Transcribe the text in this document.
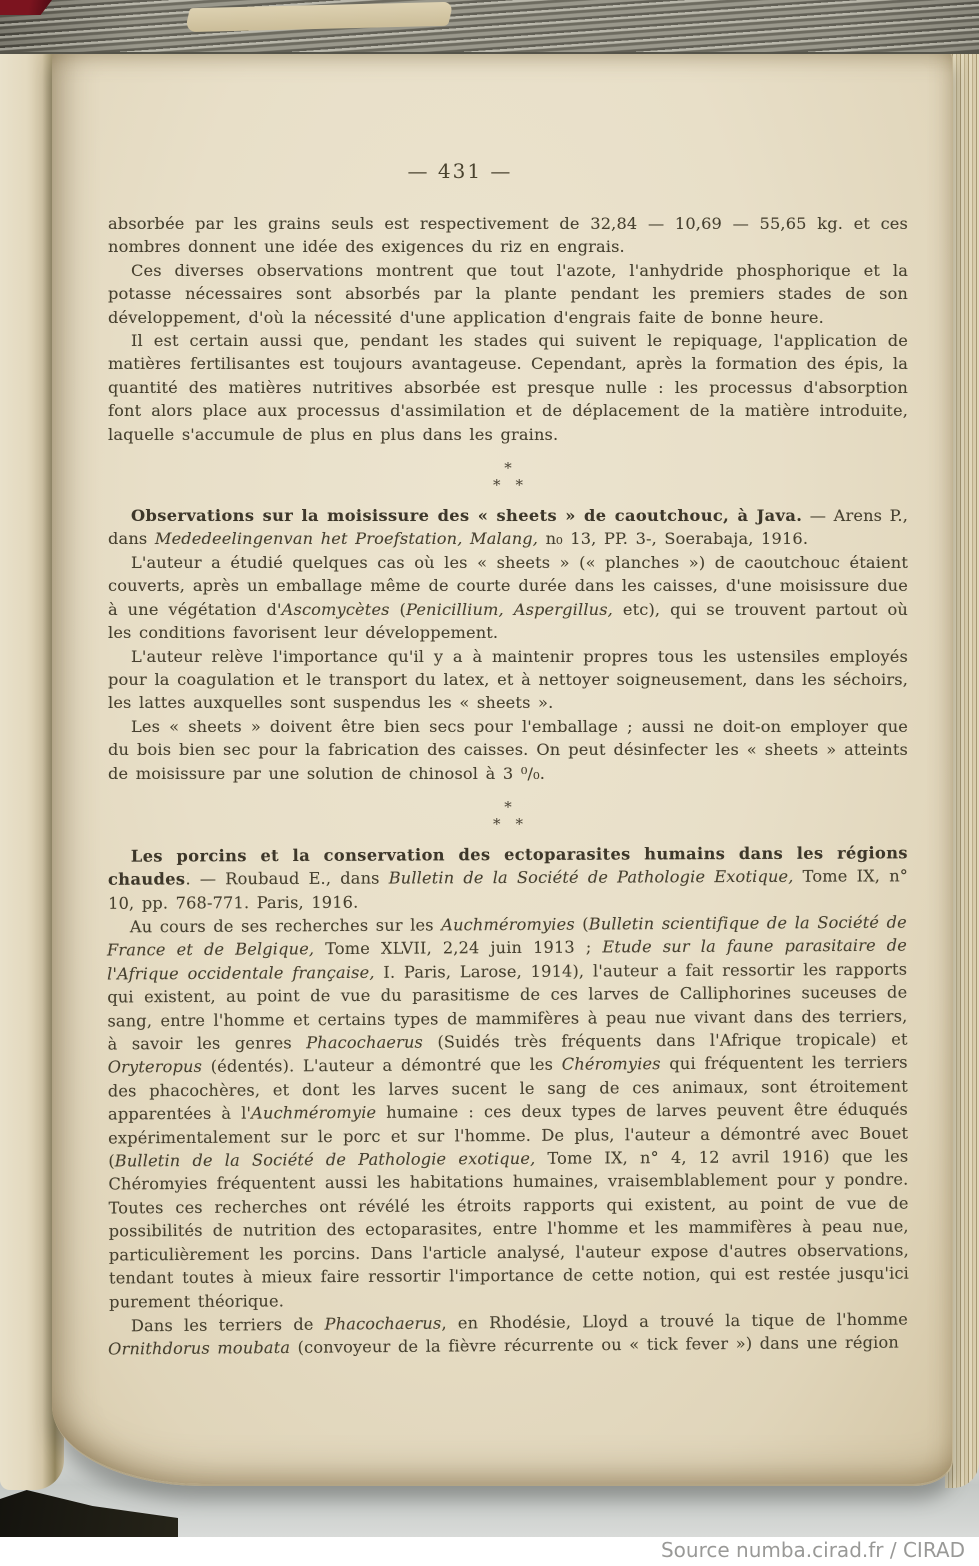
— 431 —

absorbée par les grains seuls est respectivement de 32,84 — 10,69 — 55,65 kg. et ces nombres donnent une idée des exigences du riz en engrais.

Ces diverses observations montrent que tout l'azote, l'anhydride phosphorique et la potasse nécessaires sont absorbés par la plante pendant les premiers stades de son développement, d'où la nécessité d'une application d'engrais faite de bonne heure.

Il est certain aussi que, pendant les stades qui suivent le repiquage, l'application de matières fertilisantes est toujours avantageuse. Cependant, après la formation des épis, la quantité des matières nutritives absorbée est presque nulle : les processus d'absorption font alors place aux processus d'assimilation et de déplacement de la matière introduite, laquelle s'accumule de plus en plus dans les grains.

*
* *

Observations sur la moisissure des « sheets » de caoutchouc, à Java. — Arens P., dans Mededeelingenvan het Proefstation, Malang, n₀ 13, PP. 3-, Soerabaja, 1916.

L'auteur a étudié quelques cas où les « sheets » (« planches ») de caoutchouc étaient couverts, après un emballage même de courte durée dans les caisses, d'une moisissure due à une végétation d'Ascomycètes (Penicillium, Aspergillus, etc), qui se trouvent partout où les conditions favorisent leur développement.

L'auteur relève l'importance qu'il y a à maintenir propres tous les ustensiles employés pour la coagulation et le transport du latex, et à nettoyer soigneusement, dans les séchoirs, les lattes auxquelles sont suspendus les « sheets ».

Les « sheets » doivent être bien secs pour l'emballage ; aussi ne doit-on employer que du bois bien sec pour la fabrication des caisses. On peut désinfecter les « sheets » atteints de moisissure par une solution de chinosol à 3 ⁰/₀.

*
* *

Les porcins et la conservation des ectoparasites humains dans les régions chaudes. — Roubaud E., dans Bulletin de la Société de Pathologie Exotique, Tome IX, n° 10, pp. 768-771. Paris, 1916.

Au cours de ses recherches sur les Auchméromyies (Bulletin scientifique de la Société de France et de Belgique, Tome XLVII, 2,24 juin 1913 ; Etude sur la faune parasitaire de l'Afrique occidentale française, I. Paris, Larose, 1914), l'auteur a fait ressortir les rapports qui existent, au point de vue du parasitisme de ces larves de Calliphorines suceuses de sang, entre l'homme et certains types de mammifères à peau nue vivant dans des terriers, à savoir les genres Phacochaerus (Suidés très fréquents dans l'Afrique tropicale) et Oryteropus (édentés). L'auteur a démontré que les Chéromyies qui fréquentent les terriers des phacochères, et dont les larves sucent le sang de ces animaux, sont étroitement apparentées à l'Auchméromyie humaine : ces deux types de larves peuvent être éduqués expérimentalement sur le porc et sur l'homme. De plus, l'auteur a démontré avec Bouet (Bulletin de la Société de Pathologie exotique, Tome IX, n° 4, 12 avril 1916) que les Chéromyies fréquentent aussi les habitations humaines, vraisemblablement pour y pondre. Toutes ces recherches ont révélé les étroits rapports qui existent, au point de vue de possibilités de nutrition des ectoparasites, entre l'homme et les mammifères à peau nue, particulièrement les porcins. Dans l'article analysé, l'auteur expose d'autres observations, tendant toutes à mieux faire ressortir l'importance de cette notion, qui est restée jusqu'ici purement théorique.

Dans les terriers de Phacochaerus, en Rhodésie, Lloyd a trouvé la tique de l'homme Ornithdorus moubata (convoyeur de la fièvre récurrente ou « tick fever ») dans une région

Source numba.cirad.fr / CIRAD
